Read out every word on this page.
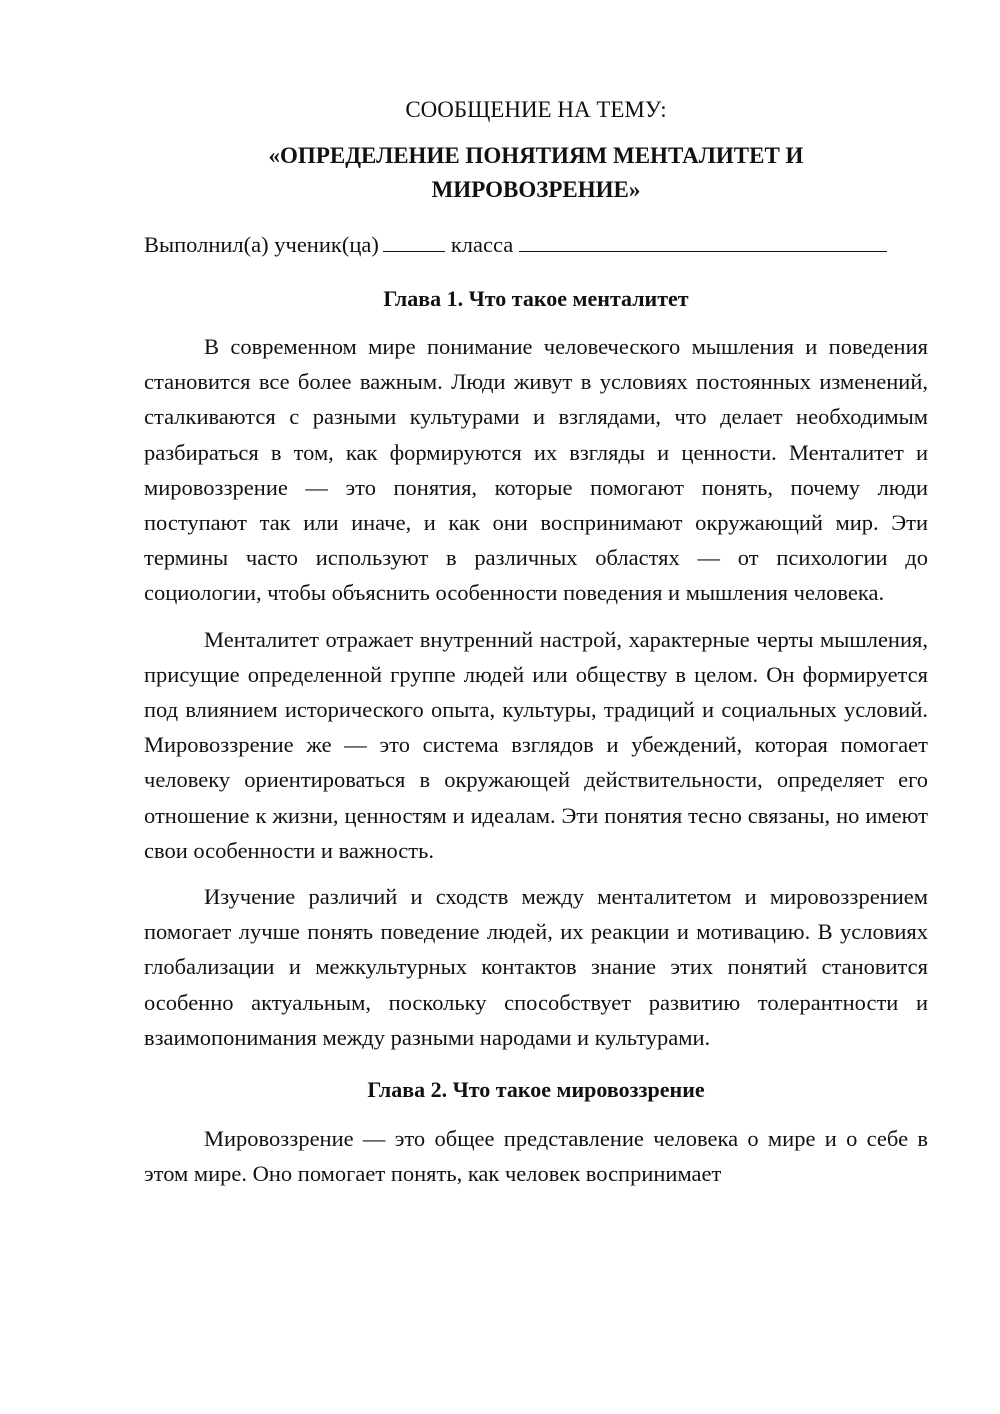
СООБЩЕНИЕ НА ТЕМУ:

«ОПРЕДЕЛЕНИЕ ПОНЯТИЯМ МЕНТАЛИТЕТ И МИРОВОЗРЕНИЕ»

Выполнил(а) ученик(ца)	класса
Глава 1. Что такое менталитет

В современном мире понимание человеческого мышления и поведения становится все более важным. Люди живут в условиях постоянных изменений, сталкиваются с разными культурами и взглядами, что делает необходимым разбираться в том, как формируются их взгляды и ценности. Менталитет и мировоззрение — это понятия, которые помогают понять, почему люди поступают так или иначе, и как они воспринимают окружающий мир. Эти термины часто используют в различных областях — от психологии до социологии, чтобы объяснить особенности поведения и мышления человека.

Менталитет отражает внутренний настрой, характерные черты мышления, присущие определенной группе людей или обществу в целом. Он формируется под влиянием исторического опыта, культуры, традиций и социальных условий. Мировоззрение же — это система взглядов и убеждений, которая помогает человеку ориентироваться в окружающей действительности, определяет его отношение к жизни, ценностям и идеалам. Эти понятия тесно связаны, но имеют свои особенности и важность.

Изучение различий и сходств между менталитетом и мировоззрением помогает лучше понять поведение людей, их реакции и мотивацию. В условиях глобализации и межкультурных контактов знание этих понятий становится особенно актуальным, поскольку способствует развитию толерантности и взаимопонимания между разными народами и культурами.

Глава 2. Что такое мировоззрение

Мировоззрение — это общее представление человека о мире и о себе в этом мире. Оно помогает понять, как человек воспринимает
